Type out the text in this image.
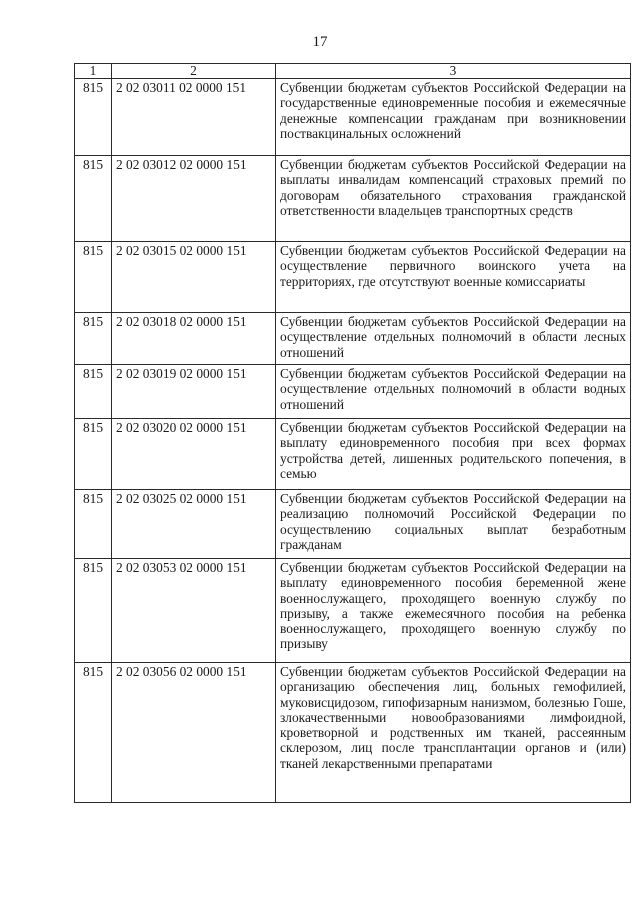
17
1	2	3
815	2 02 03011 02 0000 151	Субвенции бюджетам субъектов Российской Федерации на государственные единовременные пособия и ежемесячные денежные компенсации гражданам при возникновении поствакцинальных осложнений
815	2 02 03012 02 0000 151	Субвенции бюджетам субъектов Российской Федерации на выплаты инвалидам компенсаций страховых премий по договорам обязательного страхования гражданской ответственности владельцев транспортных средств
815	2 02 03015 02 0000 151	Субвенции бюджетам субъектов Российской Федерации на осуществление первичного воинского учета на территориях, где отсутствуют военные комиссариаты
815	2 02 03018 02 0000 151	Субвенции бюджетам субъектов Российской Федерации на осуществление отдельных полномочий в области лесных отношений
815	2 02 03019 02 0000 151	Субвенции бюджетам субъектов Российской Федерации на осуществление отдельных полномочий в области водных отношений
815	2 02 03020 02 0000 151	Субвенции бюджетам субъектов Российской Федерации на выплату единовременного пособия при всех формах устройства детей, лишенных родительского попечения, в семью
815	2 02 03025 02 0000 151	Субвенции бюджетам субъектов Российской Федерации на реализацию полномочий Российской Федерации по осуществлению социальных выплат безработным гражданам
815	2 02 03053 02 0000 151	Субвенции бюджетам субъектов Российской Федерации на выплату единовременного пособия беременной жене военнослужащего, проходящего военную службу по призыву, а также ежемесячного пособия на ребенка военнослужащего, проходящего военную службу по призыву
815	2 02 03056 02 0000 151	Субвенции бюджетам субъектов Российской Федерации на организацию обеспечения лиц, больных гемофилией, муковисцидозом, гипофизарным нанизмом, болезнью Гоше, злокачественными новообразованиями лимфоидной, кроветворной и родственных им тканей, рассеянным склерозом, лиц после трансплантации органов и (или) тканей лекарственными препаратами
